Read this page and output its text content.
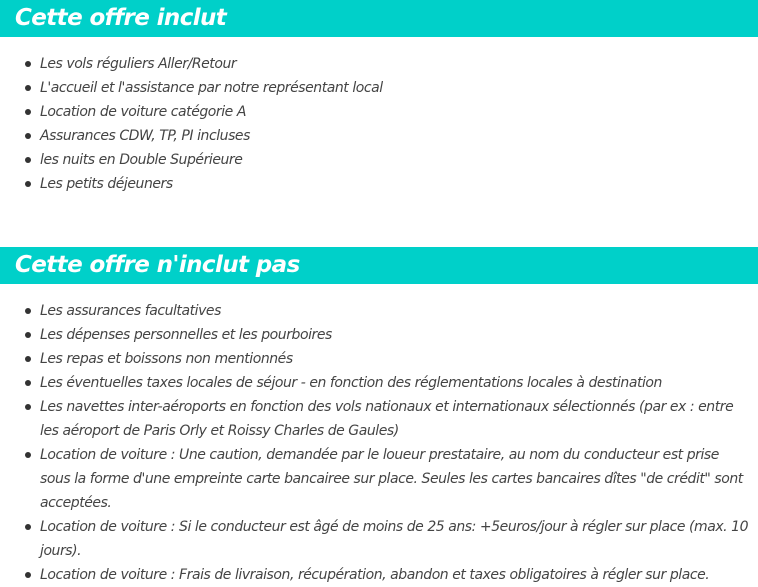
Cette offre inclut
Les vols réguliers Aller/Retour
L'accueil et l'assistance par notre représentant local
Location de voiture catégorie A
Assurances CDW, TP, PI incluses
les nuits en Double Supérieure
Les petits déjeuners
Cette offre n'inclut pas
Les assurances facultatives
Les dépenses personnelles et les pourboires
Les repas et boissons non mentionnés
Les éventuelles taxes locales de séjour - en fonction des réglementations locales à destination
Les navettes inter-aéroports en fonction des vols nationaux et internationaux sélectionnés (par ex : entre les aéroport de Paris Orly et Roissy Charles de Gaules)
Location de voiture : Une caution, demandée par le loueur prestataire, au nom du conducteur est prise sous la forme d'une empreinte carte bancairee sur place. Seules les cartes bancaires dîtes "de crédit" sont acceptées.
Location de voiture : Si le conducteur est âgé de moins de 25 ans: +5euros/jour à régler sur place (max. 10 jours).
Location de voiture : Frais de livraison, récupération, abandon et taxes obligatoires à régler sur place.
